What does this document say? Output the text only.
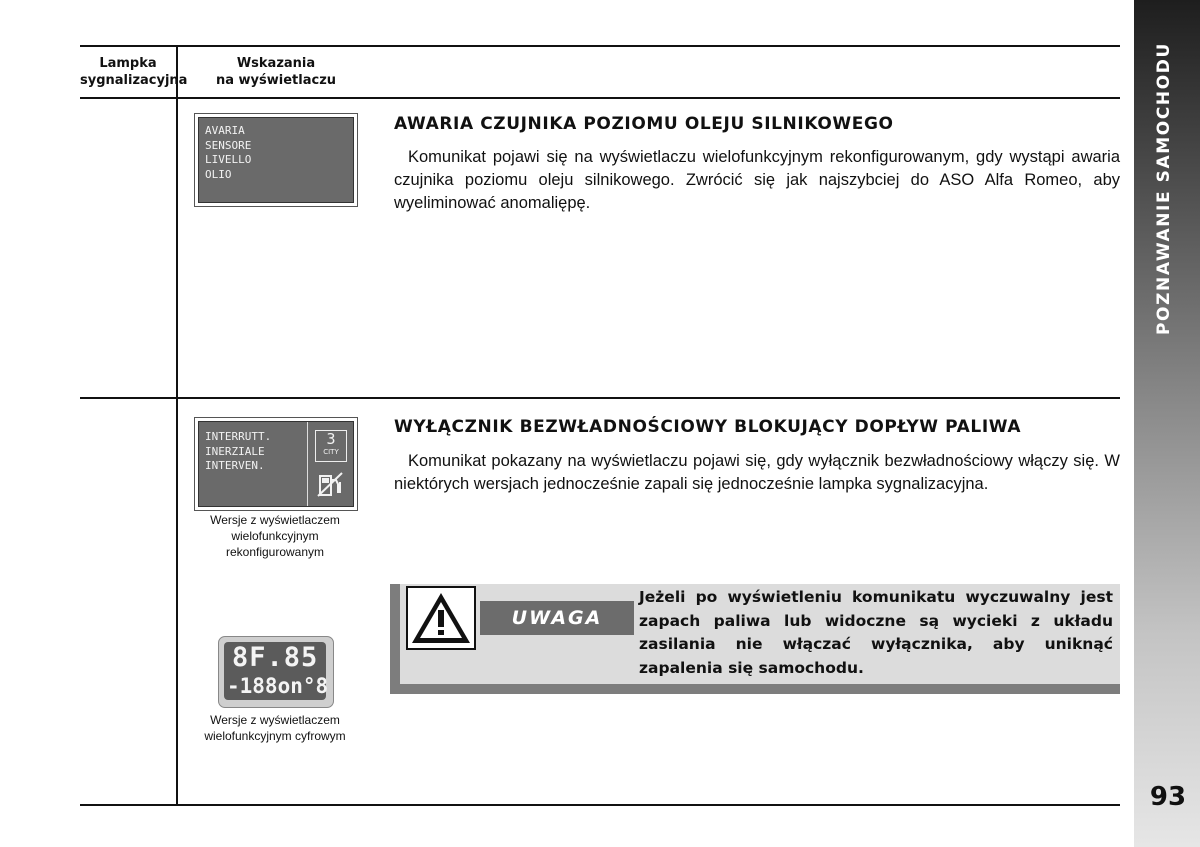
POZNAWANIE SAMOCHODU
93
Lampka
sygnalizacyjna
Wskazania
na wyświetlaczu
AVARIA
SENSORE
LIVELLO
OLIO
AWARIA CZUJNIKA POZIOMU OLEJU SILNIKOWEGO
Komunikat pojawi się na wyświetlaczu wielofunkcyjnym rekonfigurowanym, gdy wystąpi awaria czujnika poziomu oleju silnikowego. Zwrócić się jak najszybciej do ASO Alfa Romeo, aby wyeliminować anomaliępę.
INTERRUTT.
INERZIALE
INTERVEN.
3
CITY
Wersje z wyświetlaczem
wielofunkcyjnym
rekonfigurowanym
8F.85
-188on°8
Wersje z wyświetlaczem
wielofunkcyjnym cyfrowym
WYŁĄCZNIK BEZWŁADNOŚCIOWY BLOKUJĄCY DOPŁYW PALIWA
Komunikat pokazany na wyświetlaczu pojawi się, gdy wyłącznik bezwładnościowy włączy się. W niektórych wersjach jednocześnie zapali się jednocześnie lampka sygnalizacyjna.
UWAGA
Jeżeli po wyświetleniu komunikatu wyczuwalny jest zapach paliwa lub widoczne są wycieki z układu zasilania nie włączać wyłącznika, aby uniknąć zapalenia się samochodu.
